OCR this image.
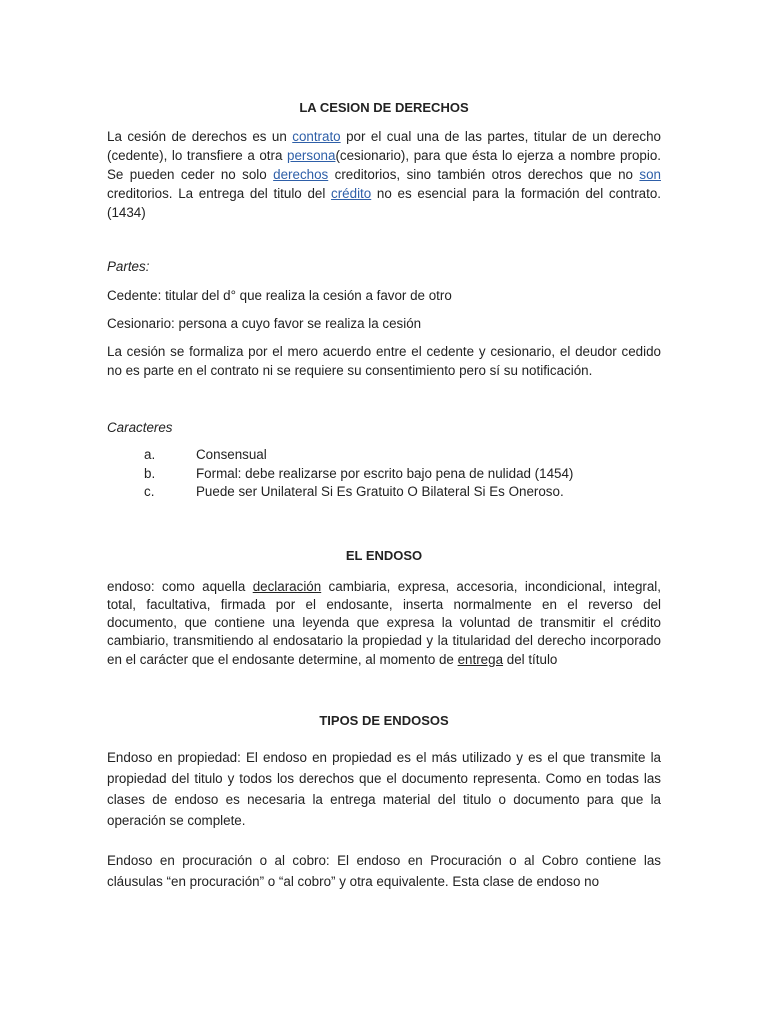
LA CESION DE DERECHOS

La cesión de derechos es un contrato por el cual una de las partes, titular de un derecho (cedente), lo transfiere a otra persona(cesionario), para que ésta lo ejerza a nombre propio. Se pueden ceder no solo derechos creditorios, sino también otros derechos que no son creditorios. La entrega del titulo del crédito no es esencial para la formación del contrato.(1434)

Partes:

Cedente: titular del d° que realiza la cesión a favor de otro

Cesionario: persona a cuyo favor se realiza la cesión

La cesión se formaliza por el mero acuerdo entre el cedente y cesionario, el deudor cedido no es parte en el contrato ni se requiere su consentimiento pero sí su notificación.

Caracteres

a.	Consensual
b.	Formal: debe realizarse por escrito bajo pena de nulidad (1454)
c.	Puede ser Unilateral Si Es Gratuito O Bilateral Si Es Oneroso.
EL ENDOSO

endoso: como aquella declaración cambiaria, expresa, accesoria, incondicional, integral, total, facultativa, firmada por el endosante, inserta normalmente en el reverso del documento, que contiene una leyenda que expresa la voluntad de transmitir el crédito cambiario, transmitiendo al endosatario la propiedad y la titularidad del derecho incorporado en el carácter que el endosante determine, al momento de entrega del título

TIPOS DE ENDOSOS

Endoso en propiedad: El endoso en propiedad es el más utilizado y es el que transmite la propiedad del titulo y todos los derechos que el documento representa. Como en todas las clases de endoso es necesaria la entrega material del titulo o documento para que la operación se complete.

Endoso en procuración o al cobro: El endoso en Procuración o al Cobro contiene las cláusulas “en procuración” o “al cobro” y otra equivalente. Esta clase de endoso no
